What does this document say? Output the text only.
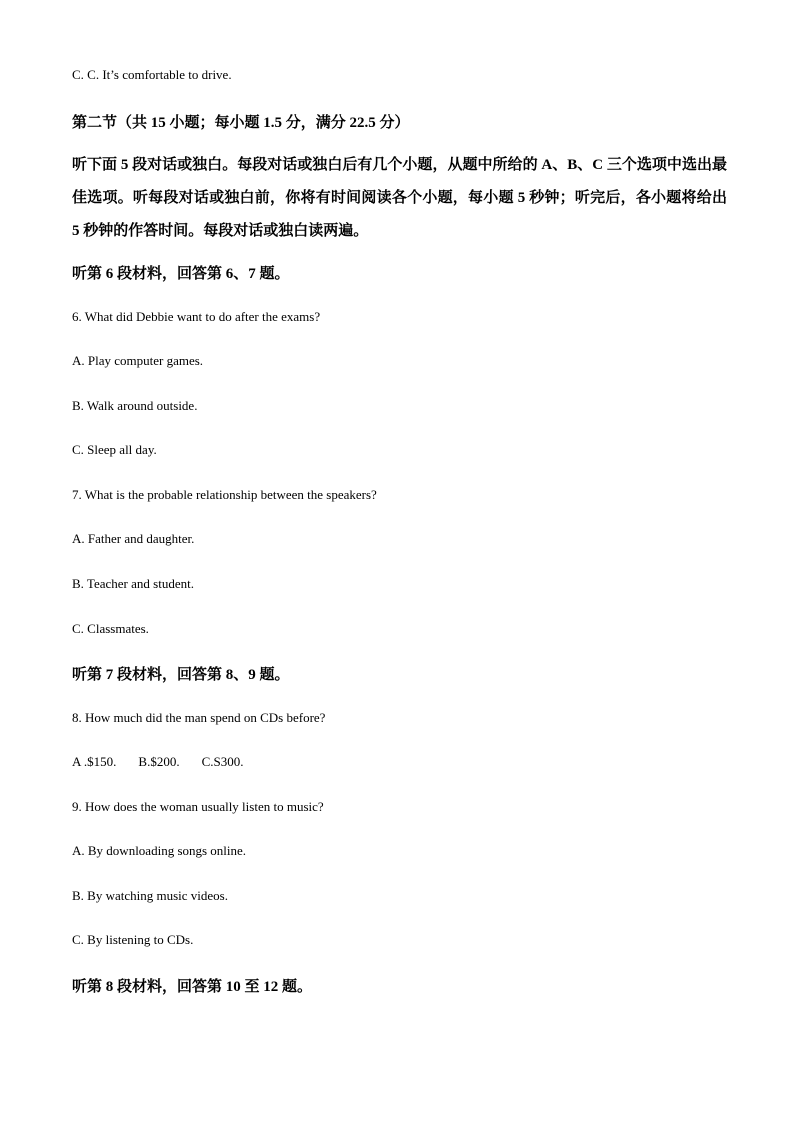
C. C. It’s comfortable to drive.
第二节（共 15 小题；每小题 1.5 分，满分 22.5 分）
听下面 5 段对话或独白。每段对话或独白后有几个小题，从题中所给的 A、B、C 三个选项中选出最佳选项。听每段对话或独白前，你将有时间阅读各个小题，每小题 5 秒钟；听完后，各小题将给出 5 秒钟的作答时间。每段对话或独白读两遍。
听第 6 段材料，回答第 6、7 题。
6. What did Debbie want to do after the exams?
A. Play computer games.
B. Walk around outside.
C. Sleep all day.
7. What is the probable relationship between the speakers?
A. Father and daughter.
B. Teacher and student.
C. Classmates.
听第 7 段材料，回答第 8、9 题。
8. How much did the man spend on CDs before?
A .$150. B.$200. C.S300.
9. How does the woman usually listen to music?
A. By downloading songs online.
B. By watching music videos.
C. By listening to CDs.
听第 8 段材料，回答第 10 至 12 题。
